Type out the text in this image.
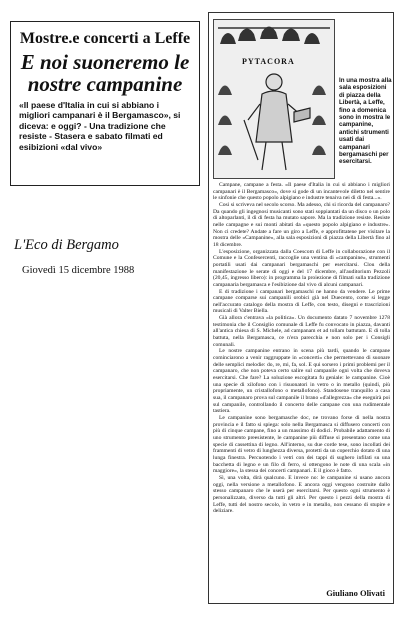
Mostre.e concerti a Leffe
E noi suoneremo le nostre campanine
«Il paese d'Italia in cui si abbiano i migliori campanari è il Bergamasco», si diceva: e oggi? - Una tradizione che resiste - Stasera e sabato filmati ed esibizioni «dal vivo»
L'Eco di Bergamo
Giovedì 15 dicembre 1988
PYTACORA
In una mostra alla sala esposizioni di piazza della Libertà, a Leffe, fino a domenica sono in mostra le campanine, antichi strumenti usati dai campanari bergamaschi per esercitarsi.

Campane, campane a festa. «Il paese d'Italia in cui si abbiano i migliori campanari è il Bergamasco», dove si gode di un incantevole diletto nel sentire le sinfonie che questo popolo alpigiano e industre tenaiva nei dì di festa...».

Così si scriveva nel secolo scorso. Ma adesso, chi si ricorda del campanaro? Da quando gli ingegnosi musicanti sono stati soppiantati da un disco o un polo di altoparlanti, il dì di festa ha mutato sapore. Ma la tradizione resiste. Resiste nelle campagne e sui monti abitati da «questo popolo alpigiano e industre». Non ci credete? Andate a fare un giro a Leffe, e approfittatene per visitare la mostra delle «Campanine», alla sala esposizioni di piazza della Libertà fino al 18 dicembre.

L'esposizione, organizzata dalla Coescom di Leffe in collaborazione con il Comune e la Confesercenti, raccoglie una ventina di «campanine», strumenti portatili usati dai campanari bergamaschi per esercitarsi. Clou della manifestazione le serate di oggi e del 17 dicembre, all'auditorium Pezzoli (20,45, ingresso libero): in programma la proiezione di filmati sulla tradizione campanaria bergamasca e l'esibizione dal vivo di alcuni campanari.

E di tradizione i campanari bergamaschi ne hanno da vendere. Le prime campane comparse sui campanili orobici già nel Duecento, come si legge nell'accurato catalogo della mostra di Leffe, con testo, disegni e trascrizioni musicali di Valter Biella.

Già allora c'entrava «la politica». Un documento datato 7 novembre 1278 testimonia che il Consiglio comunale di Leffe fu convocato in piazza, davanti all'antica chiesa di S. Michele, ad campanam et ad tollam battutam. E di tolla battuta, nella Bergamasca, ce n'era parecchia e non solo per i Consigli comunali.

Le nostre campanine entrano in scena più tardi, quando le campane cominciarono a venir raggruppate in «concerti» che permettevano di suonare delle semplici melodie: do, re, mi, fa, sol. E qui sorsero i primi problemi per il campanaro, che non poteva certo salire sul campanile ogni volta che doveva esercitarsi. Che fare? La soluzione escogitata fu geniale: le campanine. Cioè una specie di xilofono con i risuonatori in vetro o in metallo (quindi, più propriamente, un cristallofono o metallofono). Standosene tranquillo a casa sua, il campanaro prova sul campanile il brano «d'allegrezza» che eseguirà poi sul campanile, controllando il concerto delle campane con una rudimentale tastiera.

Le campanine sono bergamasche doc, ne trovano forse di nella nostra provincia e il fatto si spiega: solo nella Bergamasca si diffusero concerti con più di cinque campane, fino a un massimo di dodici. Probabile adattamento di uno strumento preesistente, le campanine più diffuse si presentano come una specie di cassettina di legno. All'interno, su due corde tese, sono incollati dei frammenti di vetro di lunghezza diversa, protetti da un coperchio dotato di una lunga finestra. Percuotendo i vetri con dei tappi di sughero infilati su una bacchetta di legno e un filo di ferro, si ottengono le note di una scala «in maggiore», la stessa dei concerti campanari. E il gioco è fatto.

Sì, una volta, dirà qualcuno. E invece no: le campanine si usano ancora oggi, nella versione a metallofono. E ancora oggi vengono costruite dallo stesso campanaro che le userà per esercitarsi. Per questo ogni strumento è personalizzato, diverso da tutti gli altri. Per questo i pezzi della mostra di Leffe, tutti del nostro secolo, in vetro e in metallo, non cessano di stupire e deliziare.

Giuliano Olivati
